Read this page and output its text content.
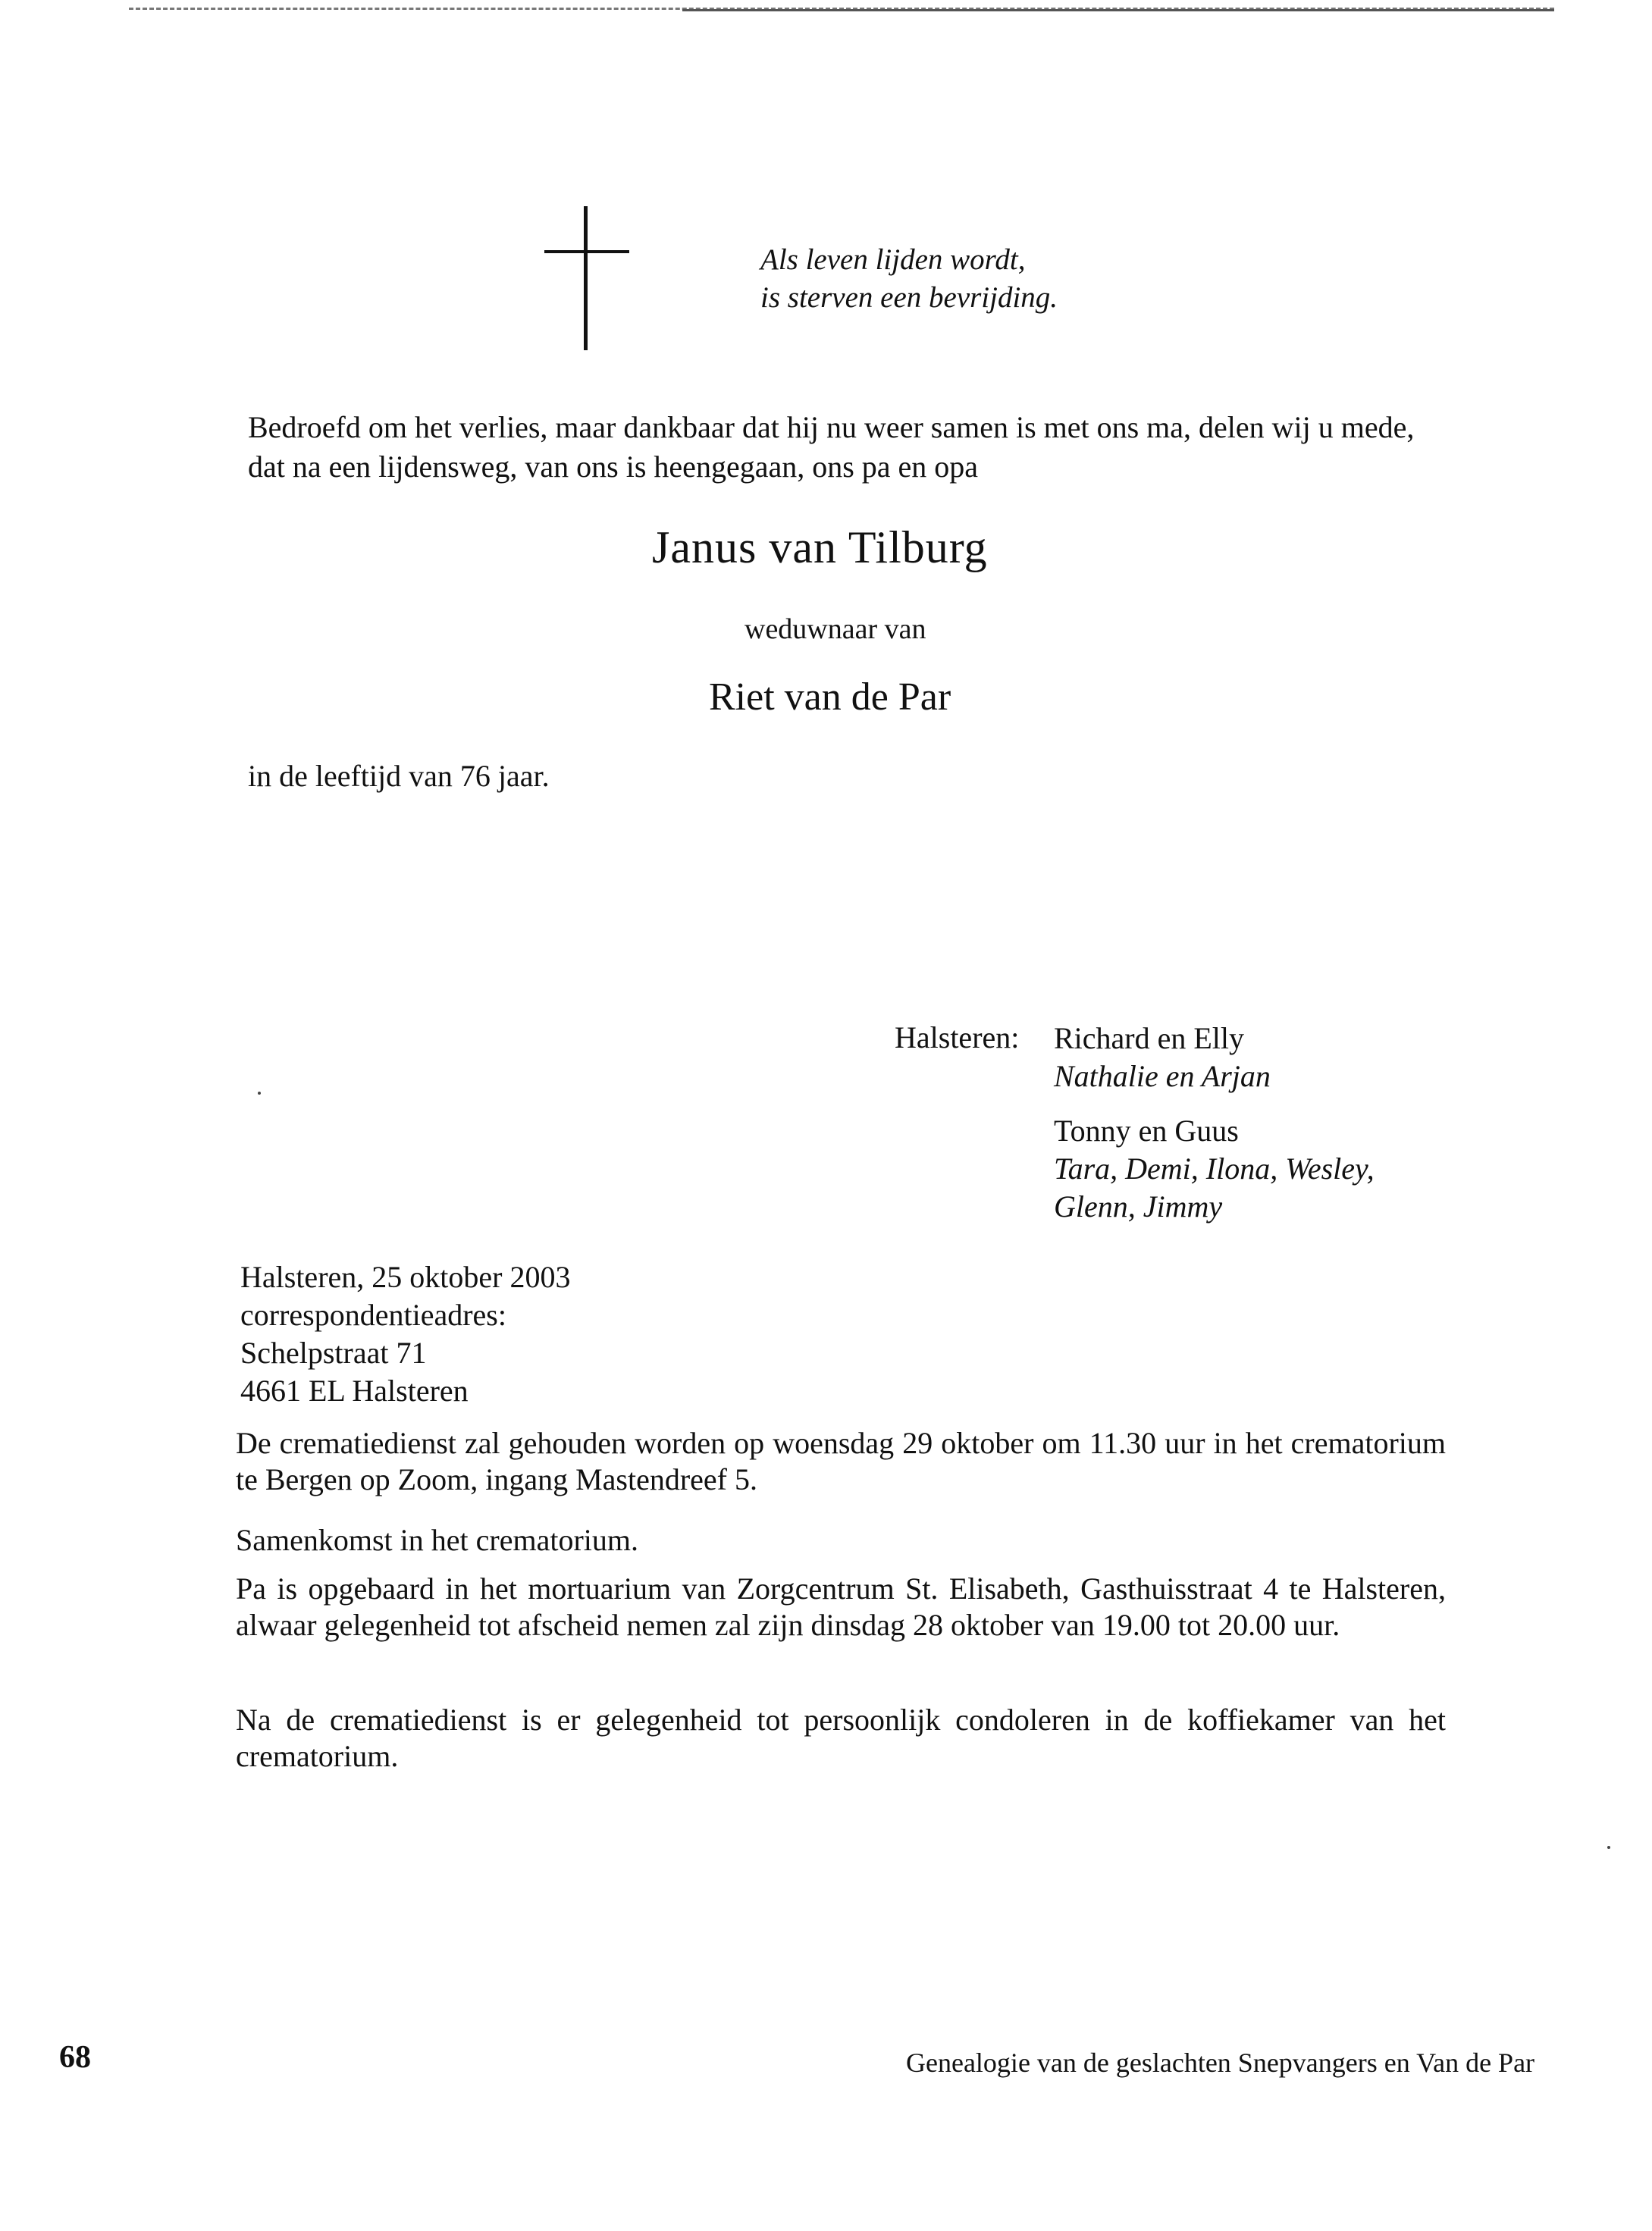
Als leven lijden wordt,
is sterven een bevrijding.
Bedroefd om het verlies, maar dankbaar dat hij nu weer samen is met ons ma, delen wij u mede, dat na een lijdensweg, van ons is heengegaan, ons pa en opa
Janus van Tilburg
weduwnaar van
Riet van de Par
in de leeftijd van 76 jaar.
Halsteren: Richard en Elly
Nathalie en Arjan
Tonny en Guus
Tara, Demi, Ilona, Wesley,
Glenn, Jimmy
Halsteren, 25 oktober 2003
correspondentieadres:
Schelpstraat 71
4661 EL Halsteren
De crematiedienst zal gehouden worden op woensdag 29 oktober om 11.30 uur in het crematorium te Bergen op Zoom, ingang Mastendreef 5.
Samenkomst in het crematorium.
Pa is opgebaard in het mortuarium van Zorgcentrum St. Elisabeth, Gasthuisstraat 4 te Halsteren, alwaar gelegenheid tot afscheid nemen zal zijn dinsdag 28 oktober van 19.00 tot 20.00 uur.
Na de crematiedienst is er gelegenheid tot persoonlijk condoleren in de koffiekamer van het crematorium.
68	Genealogie van de geslachten Snepvangers en Van de Par
